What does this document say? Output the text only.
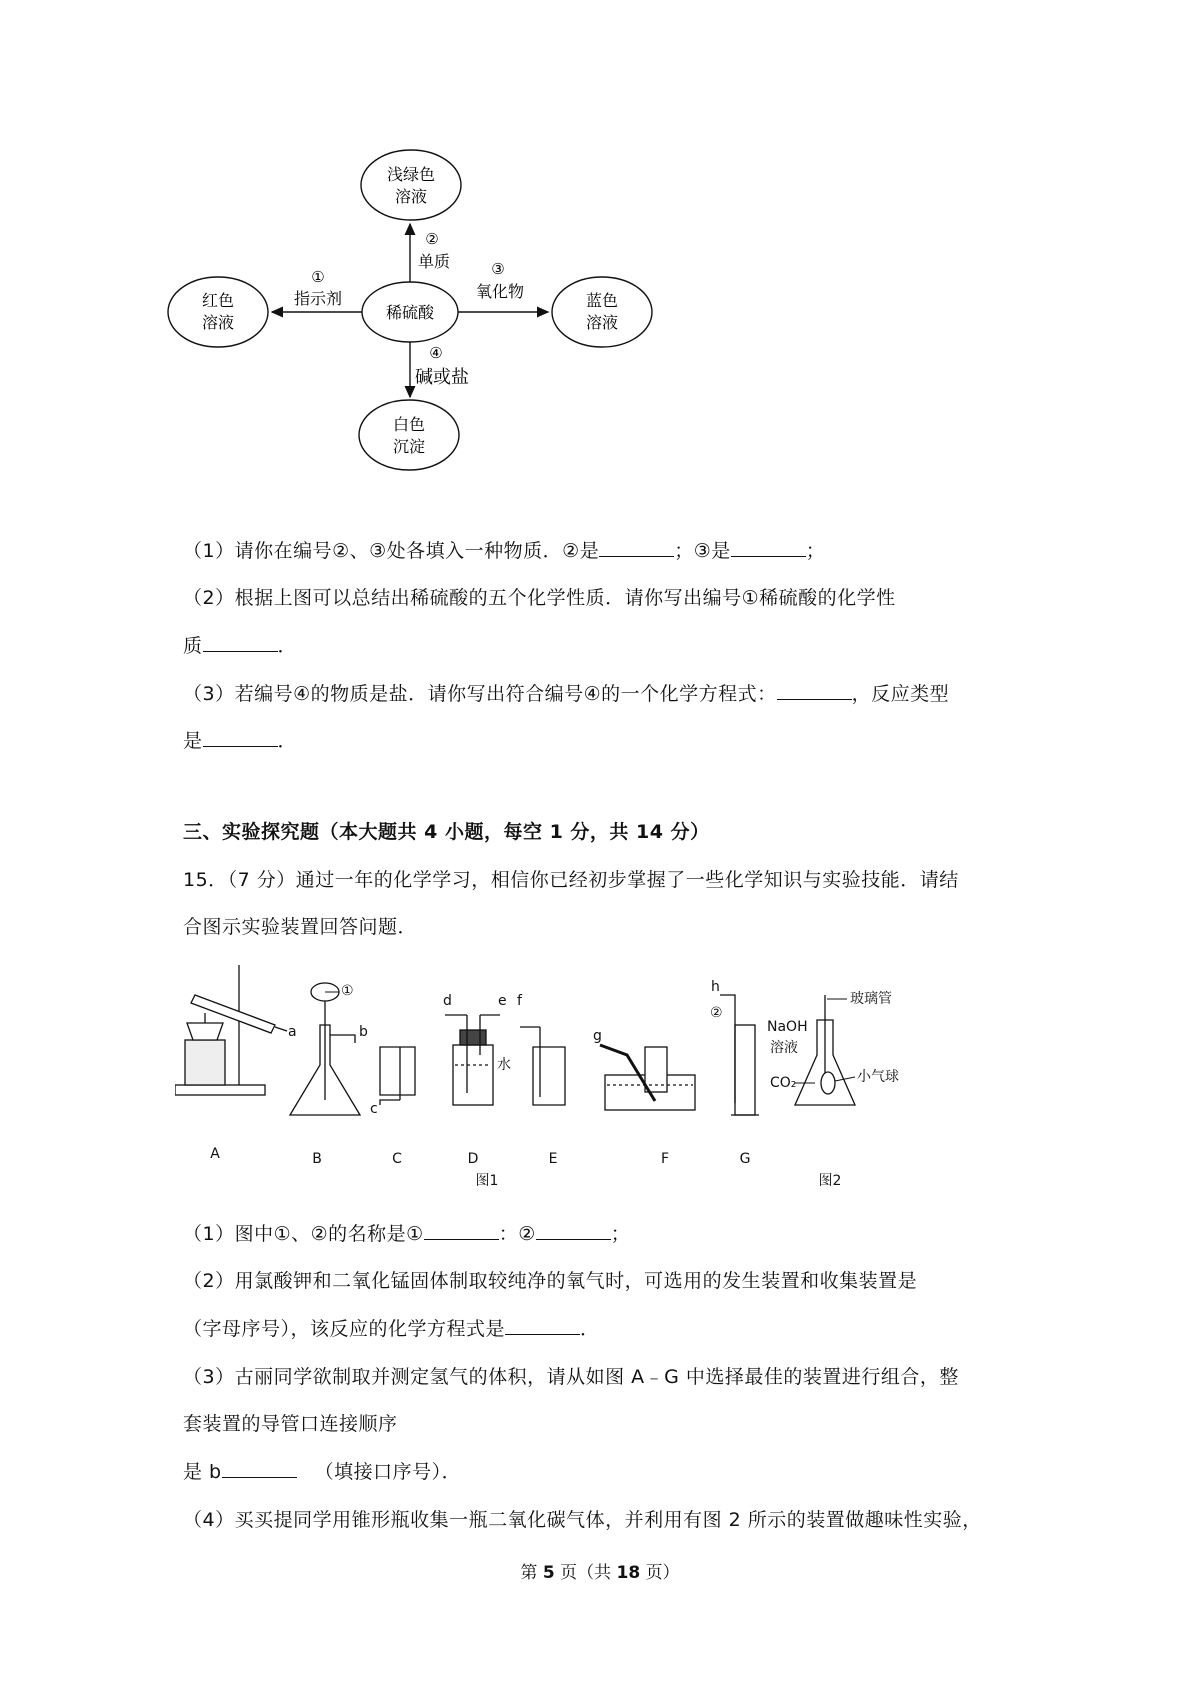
稀硫酸
浅绿色
溶液
红色
溶液
蓝色
溶液
白色
沉淀
①
指示剂
②
单质	③
氧化物
④
碱或盐
（1）请你在编号②、③处各填入一种物质．②是	；③是	；
（2）根据上图可以总结出稀硫酸的五个化学性质．请你写出编号①稀硫酸的化学性
质	．
（3）若编号④的物质是盐．请你写出符合编号④的一个化学方程式：	，反应类型
是	．
三、实验探究题（本大题共 4 小题，每空 1 分，共 14 分）
15．（7 分）通过一年的化学学习，相信你已经初步掌握了一些化学知识与实验技能．请结
合图示实验装置回答问题．
A	B	C	D	E	F	G
a	b
c
d	e f
g
h
①
②
水
玻璃管
NaOH
溶液
CO₂	小气球
图1	图2
（1）图中①、②的名称是①	：②	；
（2）用氯酸钾和二氧化锰固体制取较纯净的氧气时，可选用的发生装置和收集装置是
（字母序号），该反应的化学方程式是	．
（3）古丽同学欲制取并测定氢气的体积，请从如图 A﹣G 中选择最佳的装置进行组合，整
套装置的导管口连接顺序
是 b	（填接口序号）．
（4）买买提同学用锥形瓶收集一瓶二氧化碳气体，并利用有图 2 所示的装置做趣味性实验，
第 5 页（共 18 页）
